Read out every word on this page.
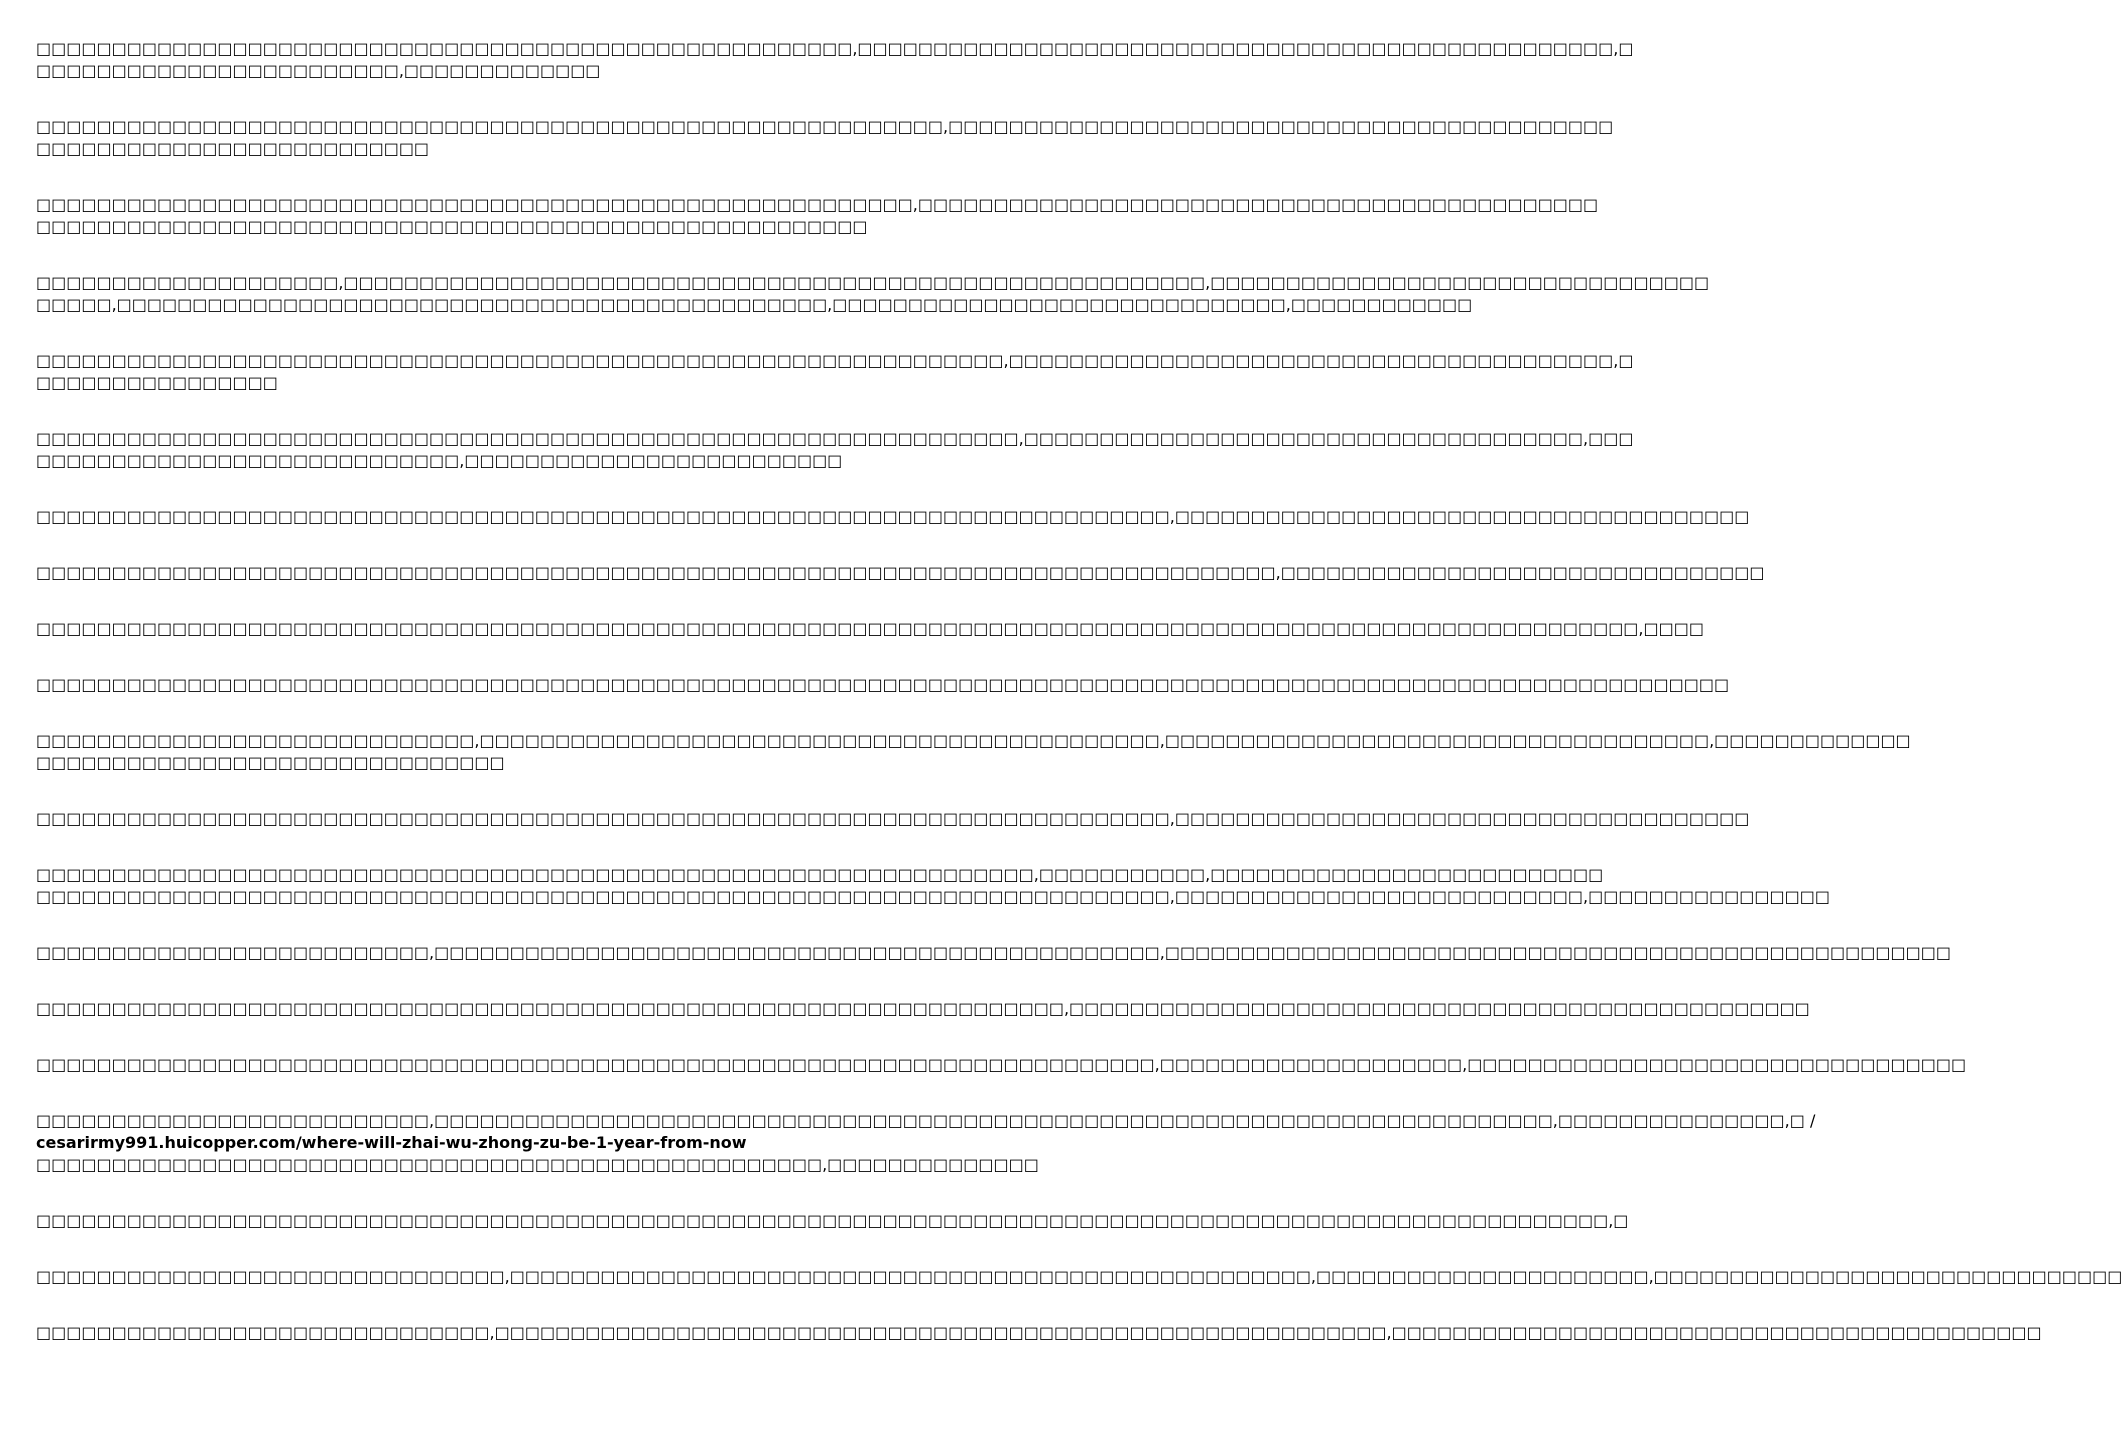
□□□□□□□□□□□□□□□□□□□□□□□□□□□□□□□□□□□□□□□□□□□□□□□□□□□□□□,□□□□□□□□□□□□□□□□□□□□□□□□□□□□□□□□□□□□□□□□□□□□□□□□□□,□
□□□□□□□□□□□□□□□□□□□□□□□□,□□□□□□□□□□□□□
□□□□□□□□□□□□□□□□□□□□□□□□□□□□□□□□□□□□□□□□□□□□□□□□□□□□□□□□□□□□,□□□□□□□□□□□□□□□□□□□□□□□□□□□□□□□□□□□□□□□□□□□□
□□□□□□□□□□□□□□□□□□□□□□□□□□
□□□□□□□□□□□□□□□□□□□□□□□□□□□□□□□□□□□□□□□□□□□□□□□□□□□□□□□□□□,□□□□□□□□□□□□□□□□□□□□□□□□□□□□□□□□□□□□□□□□□□□□□
□□□□□□□□□□□□□□□□□□□□□□□□□□□□□□□□□□□□□□□□□□□□□□□□□□□□□□□
□□□□□□□□□□□□□□□□□□□□,□□□□□□□□□□□□□□□□□□□□□□□□□□□□□□□□□□□□□□□□□□□□□□□□□□□□□□□□□,□□□□□□□□□□□□□□□□□□□□□□□□□□□□□□□□□
□□□□□,□□□□□□□□□□□□□□□□□□□□□□□□□□□□□□□□□□□□□□□□□□□□□□□,□□□□□□□□□□□□□□□□□□□□□□□□□□□□□□,□□□□□□□□□□□□
□□□□□□□□□□□□□□□□□□□□□□□□□□□□□□□□□□□□□□□□□□□□□□□□□□□□□□□□□□□□□□□□,□□□□□□□□□□□□□□□□□□□□□□□□□□□□□□□□□□□□□□□□,□
□□□□□□□□□□□□□□□□
□□□□□□□□□□□□□□□□□□□□□□□□□□□□□□□□□□□□□□□□□□□□□□□□□□□□□□□□□□□□□□□□□,□□□□□□□□□□□□□□□□□□□□□□□□□□□□□□□□□□□□□,□□□
□□□□□□□□□□□□□□□□□□□□□□□□□□□□,□□□□□□□□□□□□□□□□□□□□□□□□□
□□□□□□□□□□□□□□□□□□□□□□□□□□□□□□□□□□□□□□□□□□□□□□□□□□□□□□□□□□□□□□□□□□□□□□□□□□□,□□□□□□□□□□□□□□□□□□□□□□□□□□□□□□□□□□□□□□
□□□□□□□□□□□□□□□□□□□□□□□□□□□□□□□□□□□□□□□□□□□□□□□□□□□□□□□□□□□□□□□□□□□□□□□□□□□□□□□□□□,□□□□□□□□□□□□□□□□□□□□□□□□□□□□□□□□
□□□□□□□□□□□□□□□□□□□□□□□□□□□□□□□□□□□□□□□□□□□□□□□□□□□□□□□□□□□□□□□□□□□□□□□□□□□□□□□□□□□□□□□□□□□□□□□□□□□□□□□□□□,□□□□
□□□□□□□□□□□□□□□□□□□□□□□□□□□□□□□□□□□□□□□□□□□□□□□□□□□□□□□□□□□□□□□□□□□□□□□□□□□□□□□□□□□□□□□□□□□□□□□□□□□□□□□□□□□□□□□□
□□□□□□□□□□□□□□□□□□□□□□□□□□□□□,□□□□□□□□□□□□□□□□□□□□□□□□□□□□□□□□□□□□□□□□□□□□□,□□□□□□□□□□□□□□□□□□□□□□□□□□□□□□□□□□□□,□□□□□□□□□□□□□
□□□□□□□□□□□□□□□□□□□□□□□□□□□□□□□
□□□□□□□□□□□□□□□□□□□□□□□□□□□□□□□□□□□□□□□□□□□□□□□□□□□□□□□□□□□□□□□□□□□□□□□□□□□,□□□□□□□□□□□□□□□□□□□□□□□□□□□□□□□□□□□□□□
□□□□□□□□□□□□□□□□□□□□□□□□□□□□□□□□□□□□□□□□□□□□□□□□□□□□□□□□□□□□□□□□□□,□□□□□□□□□□□,□□□□□□□□□□□□□□□□□□□□□□□□□□
□□□□□□□□□□□□□□□□□□□□□□□□□□□□□□□□□□□□□□□□□□□□□□□□□□□□□□□□□□□□□□□□□□□□□□□□□□□,□□□□□□□□□□□□□□□□□□□□□□□□□□□,□□□□□□□□□□□□□□□□
□□□□□□□□□□□□□□□□□□□□□□□□□□,□□□□□□□□□□□□□□□□□□□□□□□□□□□□□□□□□□□□□□□□□□□□□□□□,□□□□□□□□□□□□□□□□□□□□□□□□□□□□□□□□□□□□□□□□□□□□□□□□□□□□
□□□□□□□□□□□□□□□□□□□□□□□□□□□□□□□□□□□□□□□□□□□□□□□□□□□□□□□□□□□□□□□□□□□□,□□□□□□□□□□□□□□□□□□□□□□□□□□□□□□□□□□□□□□□□□□□□□□□□□
□□□□□□□□□□□□□□□□□□□□□□□□□□□□□□□□□□□□□□□□□□□□□□□□□□□□□□□□□□□□□□□□□□□□□□□□□□,□□□□□□□□□□□□□□□□□□□□,□□□□□□□□□□□□□□□□□□□□□□□□□□□□□□□□□
□□□□□□□□□□□□□□□□□□□□□□□□□□,□□□□□□□□□□□□□□□□□□□□□□□□□□□□□□□□□□□□□□□□□□□□□□□□□□□□□□□□□□□□□□□□□□□□□□□□□□,□□□□□□□□□□□□□□□,□ /
cesarirmy991.huicopper.com/where-will-zhai-wu-zhong-zu-be-1-year-from-now
□□□□□□□□□□□□□□□□□□□□□□□□□□□□□□□□□□□□□□□□□□□□□□□□□□□□,□□□□□□□□□□□□□□
□□□□□□□□□□□□□□□□□□□□□□□□□□□□□□□□□□□□□□□□□□□□□□□□□□□□□□□□□□□□□□□□□□□□□□□□□□□□□□□□□□□□□□□□□□□□□□□□□□□□□□□□,□
□□□□□□□□□□□□□□□□□□□□□□□□□□□□□□□,□□□□□□□□□□□□□□□□□□□□□□□□□□□□□□□□□□□□□□□□□□□□□□□□□□□□□,□□□□□□□□□□□□□□□□□□□□□□,□□□□□□□□□□□□□□□□□□□□□□□□□□□□□□□
□□□□□□□□□□□□□□□□□□□□□□□□□□□□□□,□□□□□□□□□□□□□□□□□□□□□□□□□□□□□□□□□□□□□□□□□□□□□□□□□□□□□□□□□□□,□□□□□□□□□□□□□□□□□□□□□□□□□□□□□□□□□□□□□□□□□□□
